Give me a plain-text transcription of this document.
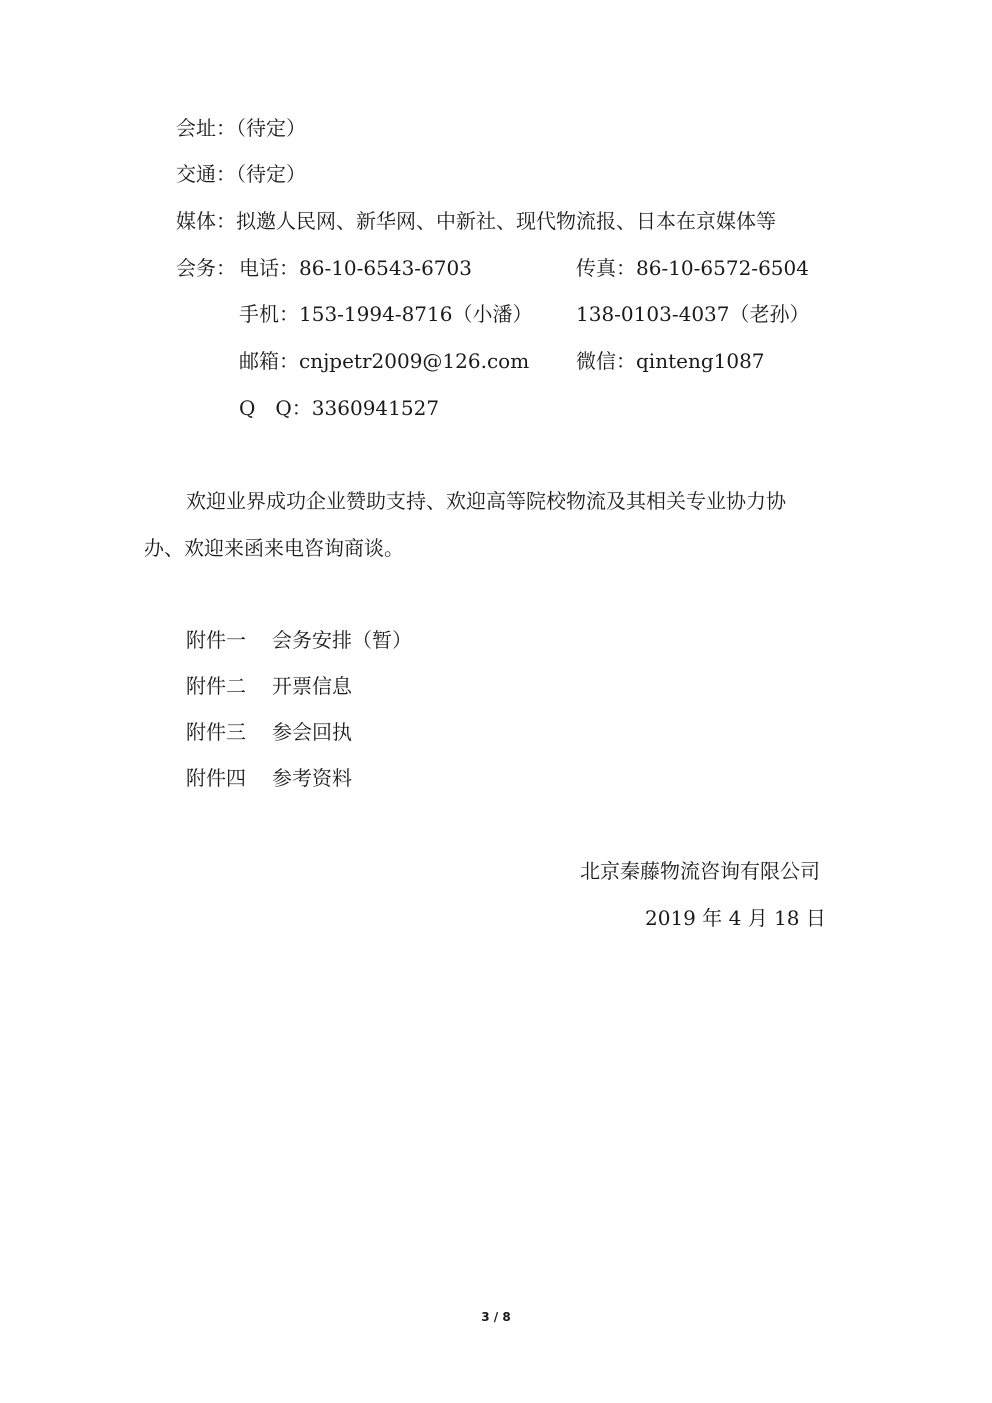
会址：（待定）
交通：（待定）
媒体：拟邀人民网、新华网、中新社、现代物流报、日本在京媒体等
会务： 电话：86-10-6543-6703	传真：86-10-6572-6504
手机：153-1994-8716（小潘） 138-0103-4037（老孙）
邮箱：cnjpetr2009@126.com 微信：qinteng1087
Q　Q：3360941527
欢迎业界成功企业赞助支持、欢迎高等院校物流及其相关专业协力协
办、欢迎来函来电咨询商谈。
附件一 会务安排（暂）
附件二 开票信息
附件三 参会回执
附件四 参考资料
北京秦藤物流咨询有限公司
2019 年 4 月 18 日
3 / 8
